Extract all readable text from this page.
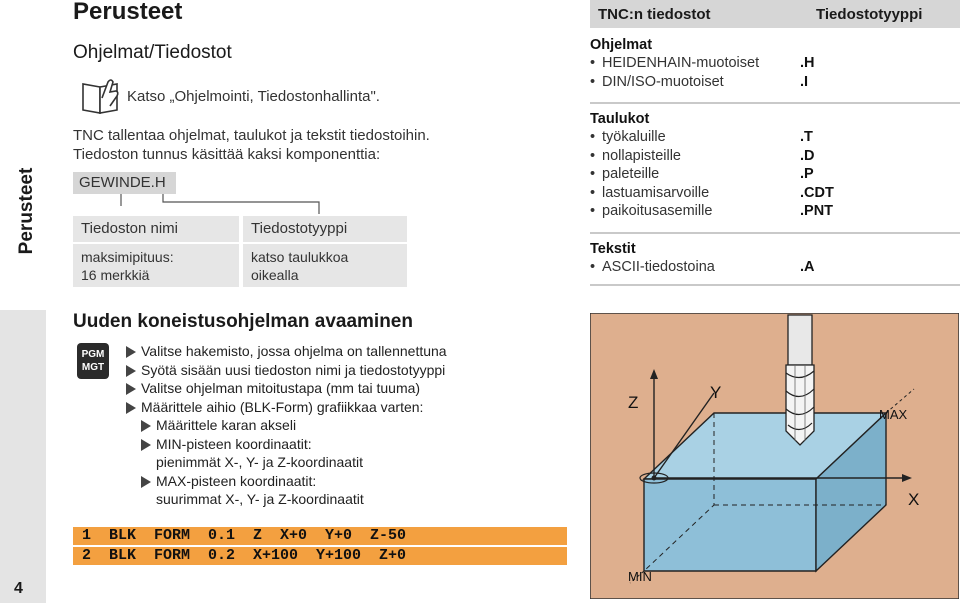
Perusteet
4
Perusteet
Ohjelmat/Tiedostot
Katso „Ohjelmointi, Tiedostonhallinta".
TNC tallentaa ohjelmat, taulukot ja tekstit tiedostoihin.
Tiedoston tunnus käsittää kaksi komponenttia:
GEWINDE.H
Tiedoston nimi
maksimipituus:
16 merkkiä
Tiedostotyyppi
katso taulukkoa
oikealla
Uuden koneistusohjelman avaaminen
PGM
MGT
Valitse hakemisto, jossa ohjelma on tallennettuna
Syötä sisään uusi tiedoston nimi ja tiedostotyyppi
Valitse ohjelman mitoitustapa (mm tai tuuma)
Määrittele aihio (BLK-Form) grafiikkaa varten:
Määrittele karan akseli
MIN-pisteen koordinaatit:
pienimmät X-, Y- ja Z-koordinaatit
MAX-pisteen koordinaatit:
suurimmat X-, Y- ja Z-koordinaatit
1  BLK  FORM  0.1  Z  X+0  Y+0  Z-50
2  BLK  FORM  0.2  X+100  Y+100  Z+0
TNC:n tiedostot	Tiedostotyyppi
Ohjelmat
• HEIDENHAIN-muotoiset	.H
• DIN/ISO-muotoiset	.I
Taulukot
• työkaluille	.T
• nollapisteille	.D
• paleteille	.P
• lastuamisarvoille	.CDT
• paikoitusasemille	.PNT
Tekstit
• ASCII-tiedostoina	.A
Z
Y
X
MAX
MIN
